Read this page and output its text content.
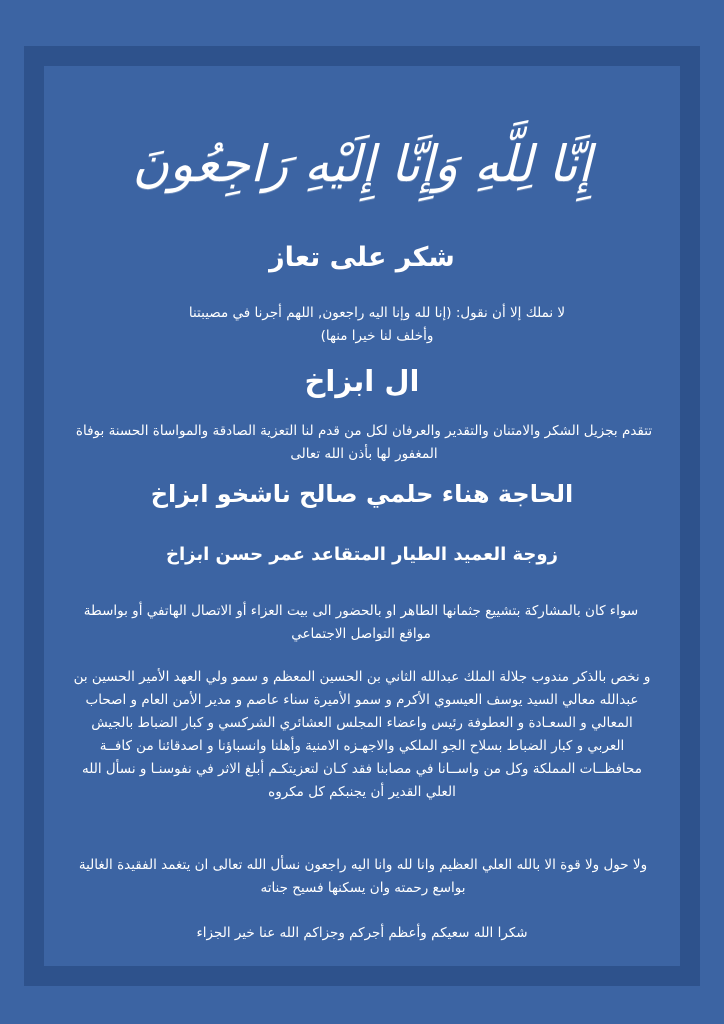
إِنَّا لِلَّهِ وَإِنَّا إِلَيْهِ رَاجِعُونَ
شكر على تعاز
لا نملك إلا أن نقول: (إنا لله وإنا اليه راجعون, اللهم أجرنا في مصيبتنا وأخلف لنا خيرا منها)
ال ابزاخ
تتقدم بجزيل الشكر والامتنان والتقدير والعرفان لكل من قدم لنا التعزية الصادقة والمواساة الحسنة بوفاة المغفور لها بأذن الله تعالى
الحاجة هناء حلمي صالح ناشخو ابزاخ
زوجة العميد الطيار المتقاعد عمر حسن ابزاخ
سواء كان بالمشاركة بتشييع جثمانها الطاهر او بالحضور الى بيت العزاء أو الاتصال الهاتفي أو بواسطة مواقع التواصل الاجتماعي
و نخص بالذكر مندوب جلالة الملك عبدالله الثاني بن الحسين المعظم و سمو ولي العهد الأمير الحسين بن عبدالله معالي السيد يوسف العيسوي الأكرم و سمو الأميرة سناء عاصم و مدير الأمن العام و اصحاب المعالي و السعـادة و العطوفة رئيس واعضاء المجلس العشائري الشركسي و كبار الضباط بالجيش العربي و كبار الضباط بسلاح الجو الملكي والاجهـزه الامنية وأهلنا وانسباؤنا و اصدقائنا من كافــة محافظــات المملكة وكل من واســانا في مصابنا فقد كـان لتعزيتكـم أبلغ الاثر في نفوسنـا و نسأل الله العلي القدير أن يجنبكم كل مكروه
ولا حول ولا قوة الا بالله العلي العظيم وانا لله وانا اليه راجعون نسأل الله تعالى ان يتغمد الفقيدة الغالية بواسع رحمته وان يسكنها فسيح جناته
شكرا الله سعيكم وأعظم أجركم وجزاكم الله عنا خير الجزاء
